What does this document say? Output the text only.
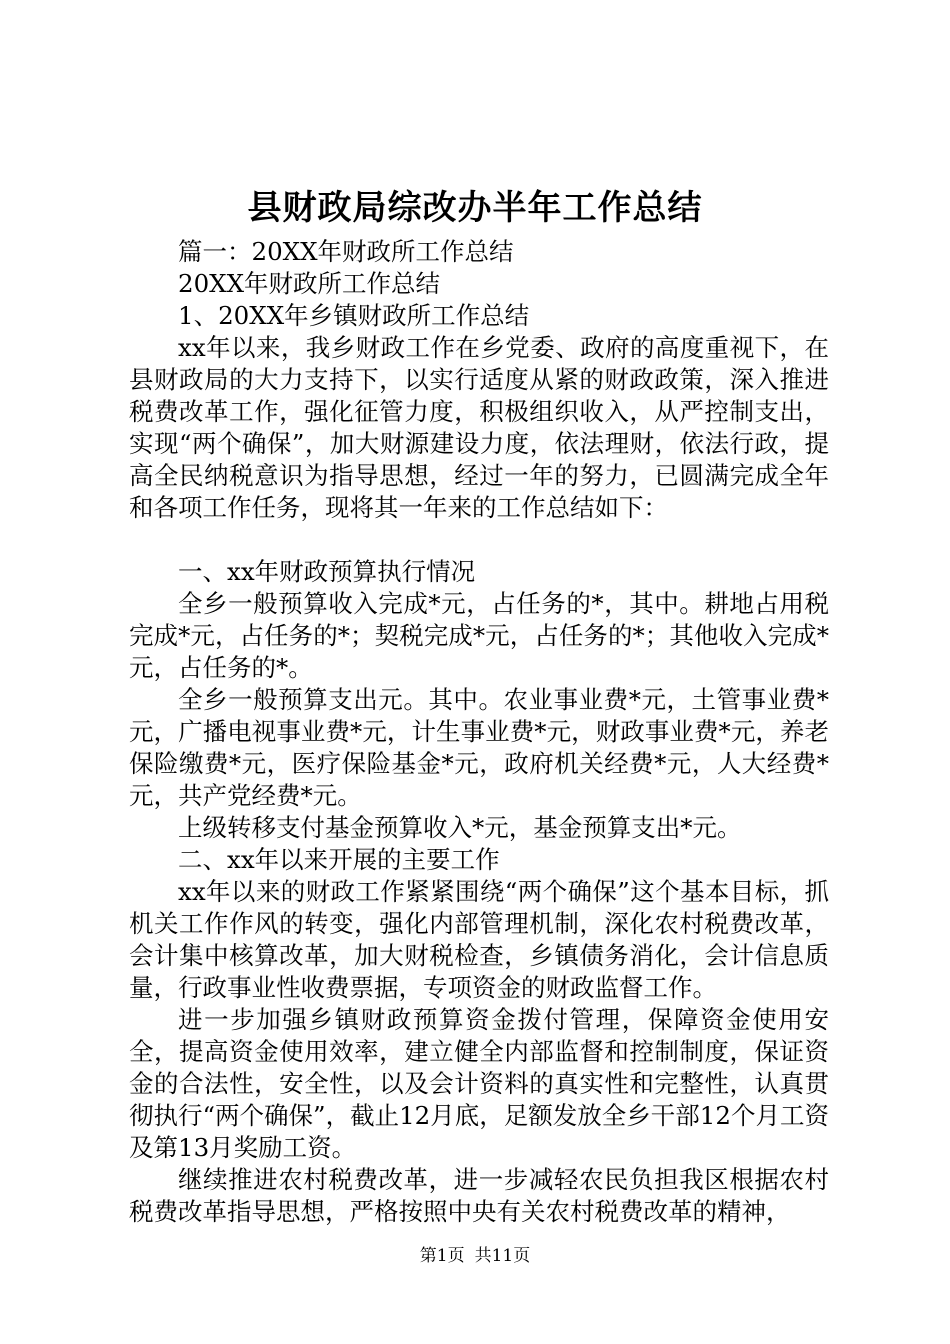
县财政局综改办半年工作总结

篇一：20XX年财政所工作总结

20XX年财政所工作总结

1、20XX年乡镇财政所工作总结

xx年以来，我乡财政工作在乡党委、政府的高度重视下，在县财政局的大力支持下，以实行适度从紧的财政政策，深入推进税费改革工作，强化征管力度，积极组织收入，从严控制支出，实现“两个确保”，加大财源建设力度，依法理财，依法行政，提高全民纳税意识为指导思想，经过一年的努力，已圆满完成全年和各项工作任务，现将其一年来的工作总结如下：

一、xx年财政预算执行情况

全乡一般预算收入完成*元，占任务的*，其中。耕地占用税完成*元，占任务的*；契税完成*元，占任务的*；其他收入完成*元，占任务的*。

全乡一般预算支出元。其中。农业事业费*元，土管事业费*元，广播电视事业费*元，计生事业费*元，财政事业费*元，养老保险缴费*元，医疗保险基金*元，政府机关经费*元，人大经费*元，共产党经费*元。

上级转移支付基金预算收入*元，基金预算支出*元。

二、xx年以来开展的主要工作

xx年以来的财政工作紧紧围绕“两个确保”这个基本目标，抓机关工作作风的转变，强化内部管理机制，深化农村税费改革，会计集中核算改革，加大财税检查，乡镇债务消化，会计信息质量，行政事业性收费票据，专项资金的财政监督工作。

进一步加强乡镇财政预算资金拨付管理，保障资金使用安全，提高资金使用效率，建立健全内部监督和控制制度，保证资金的合法性，安全性，以及会计资料的真实性和完整性，认真贯彻执行“两个确保”，截止12月底，足额发放全乡干部12个月工资及第13月奖励工资。

继续推进农村税费改革，进一步减轻农民负担我区根据农村税费改革指导思想，严格按照中央有关农村税费改革的精神，

第1页 共11页
